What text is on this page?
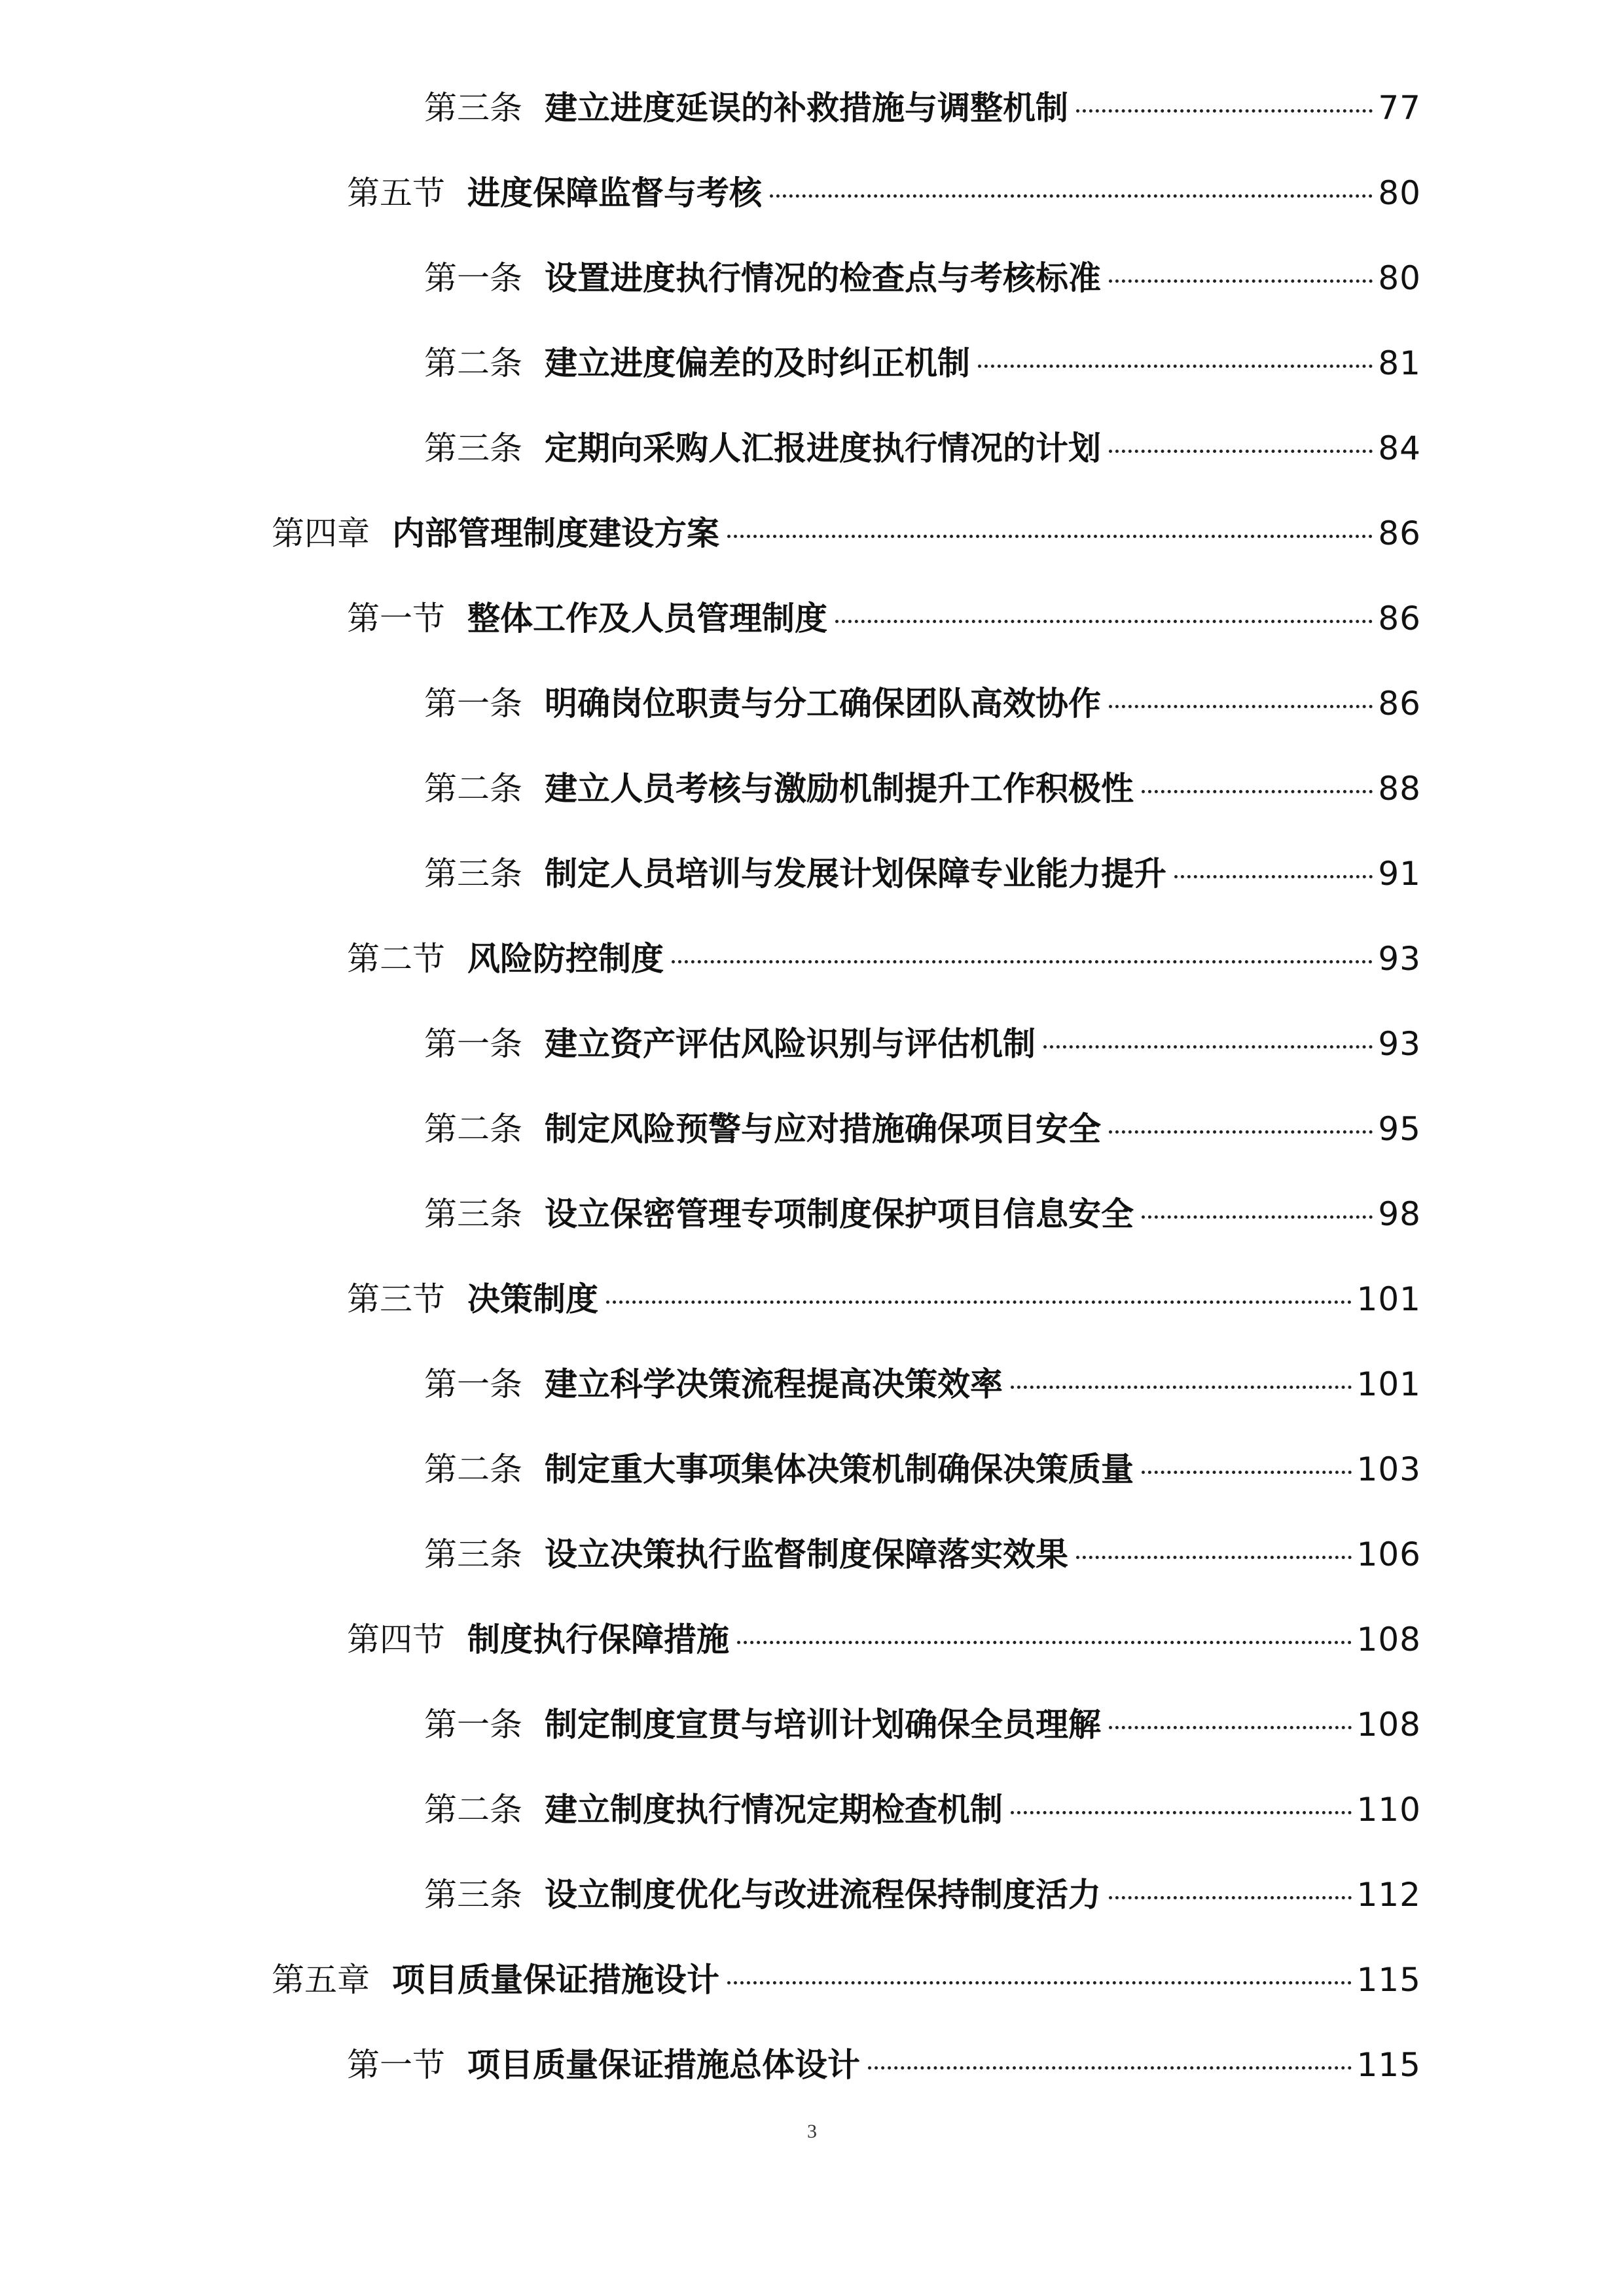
第三条 建立进度延误的补救措施与调整机制	77
第五节 进度保障监督与考核	80
第一条 设置进度执行情况的检查点与考核标准	80
第二条 建立进度偏差的及时纠正机制	81
第三条 定期向采购人汇报进度执行情况的计划	84
第四章 内部管理制度建设方案	86
第一节 整体工作及人员管理制度	86
第一条 明确岗位职责与分工确保团队高效协作	86
第二条 建立人员考核与激励机制提升工作积极性	88
第三条 制定人员培训与发展计划保障专业能力提升	91
第二节 风险防控制度	93
第一条 建立资产评估风险识别与评估机制	93
第二条 制定风险预警与应对措施确保项目安全	95
第三条 设立保密管理专项制度保护项目信息安全	98
第三节 决策制度	101
第一条 建立科学决策流程提高决策效率	101
第二条 制定重大事项集体决策机制确保决策质量	103
第三条 设立决策执行监督制度保障落实效果	106
第四节 制度执行保障措施	108
第一条 制定制度宣贯与培训计划确保全员理解	108
第二条 建立制度执行情况定期检查机制	110
第三条 设立制度优化与改进流程保持制度活力	112
第五章 项目质量保证措施设计	115
第一节 项目质量保证措施总体设计	115
3
